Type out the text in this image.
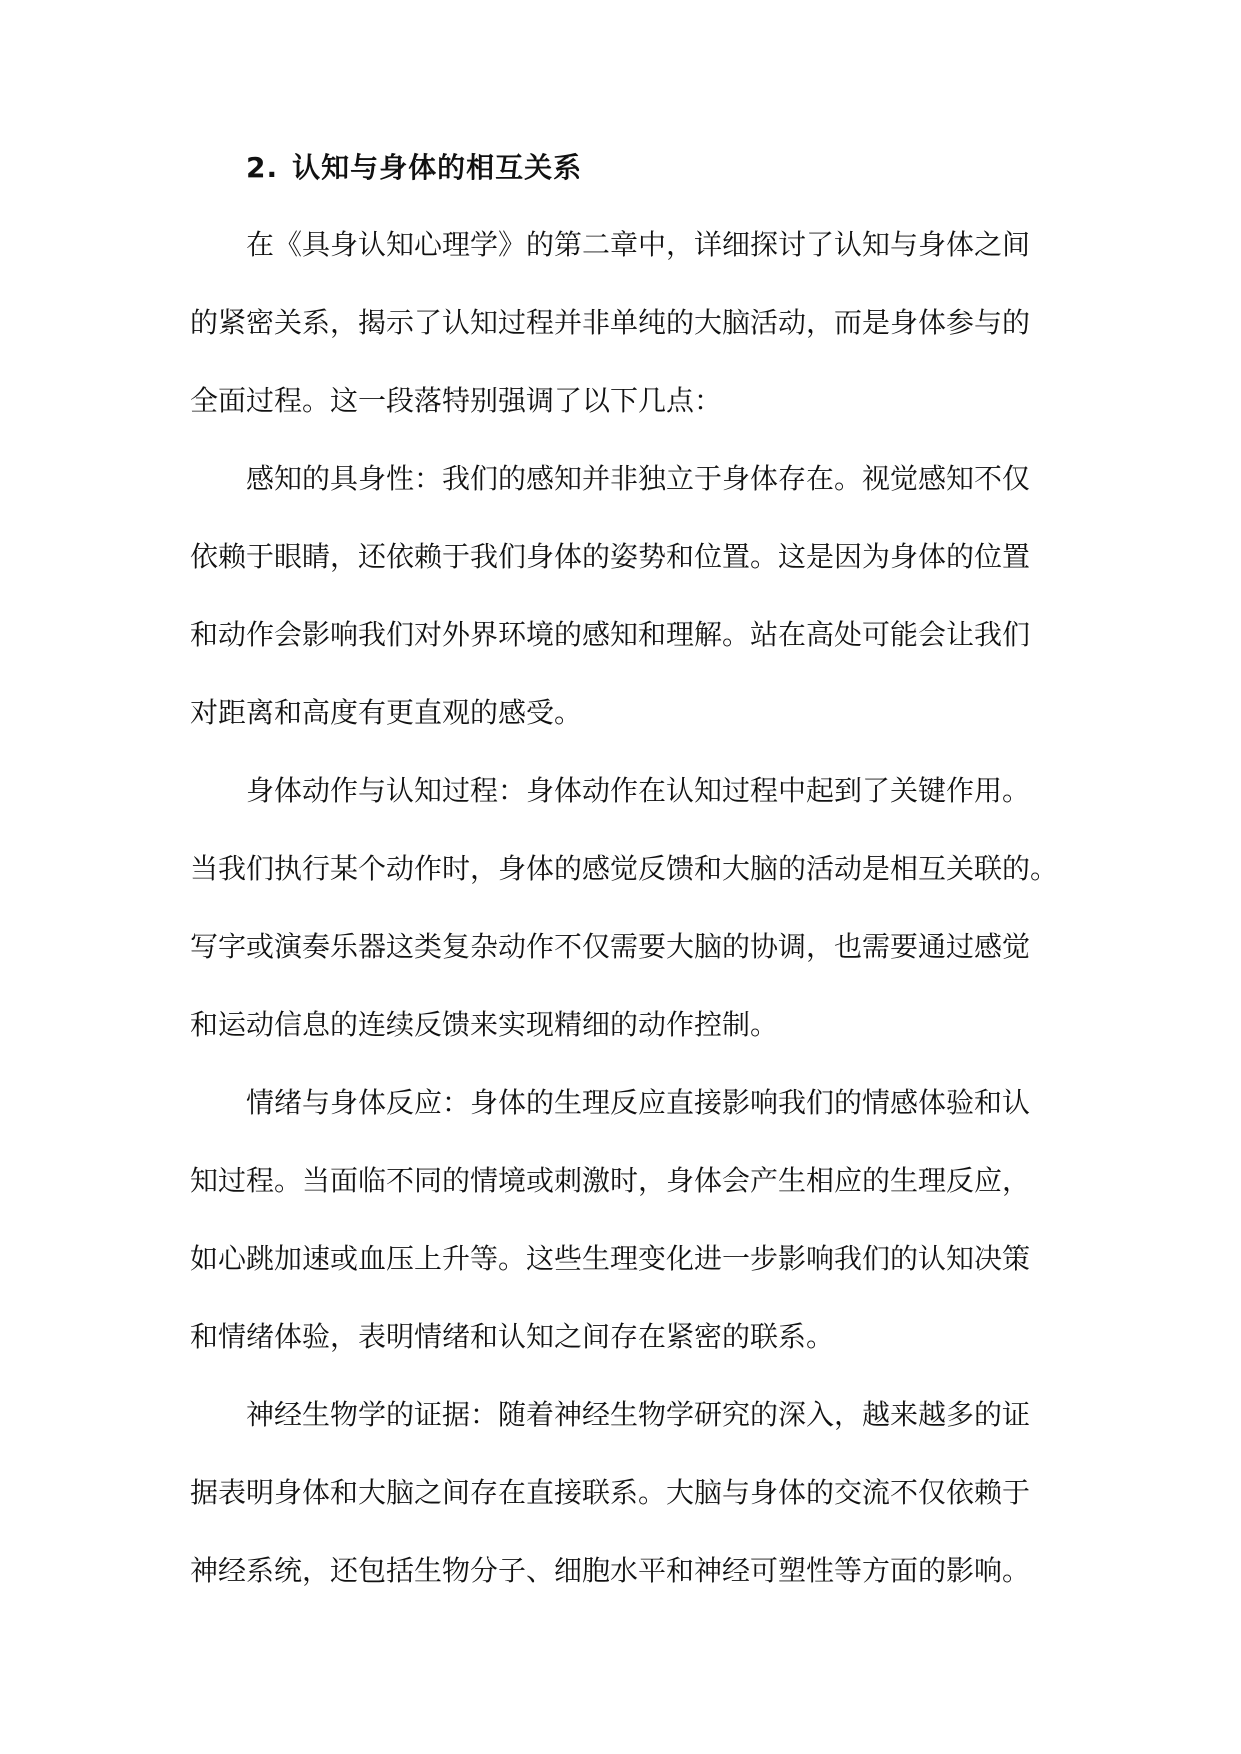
2. 认知与身体的相互关系

在《具身认知心理学》的第二章中，详细探讨了认知与身体之间
的紧密关系，揭示了认知过程并非单纯的大脑活动，而是身体参与的
全面过程。这一段落特别强调了以下几点：

感知的具身性：我们的感知并非独立于身体存在。视觉感知不仅
依赖于眼睛，还依赖于我们身体的姿势和位置。这是因为身体的位置
和动作会影响我们对外界环境的感知和理解。站在高处可能会让我们
对距离和高度有更直观的感受。

身体动作与认知过程：身体动作在认知过程中起到了关键作用。
当我们执行某个动作时，身体的感觉反馈和大脑的活动是相互关联的。
写字或演奏乐器这类复杂动作不仅需要大脑的协调，也需要通过感觉
和运动信息的连续反馈来实现精细的动作控制。

情绪与身体反应：身体的生理反应直接影响我们的情感体验和认
知过程。当面临不同的情境或刺激时，身体会产生相应的生理反应，
如心跳加速或血压上升等。这些生理变化进一步影响我们的认知决策
和情绪体验，表明情绪和认知之间存在紧密的联系。

神经生物学的证据：随着神经生物学研究的深入，越来越多的证
据表明身体和大脑之间存在直接联系。大脑与身体的交流不仅依赖于
神经系统，还包括生物分子、细胞水平和神经可塑性等方面的影响。
